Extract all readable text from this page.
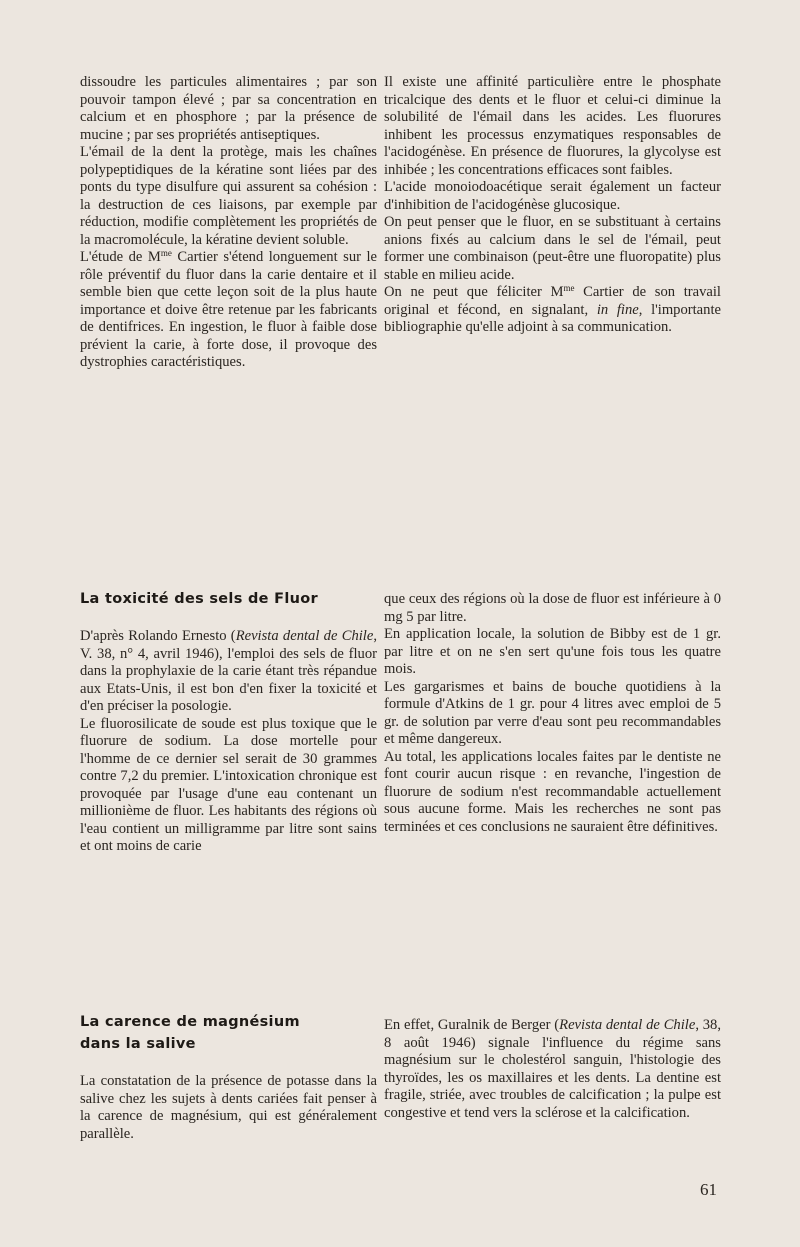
dissoudre les particules alimentaires ; par son pouvoir tampon élevé ; par sa concentration en calcium et en phosphore ; par la présence de mucine ; par ses propriétés antiseptiques.

L'émail de la dent la protège, mais les chaînes polypeptidiques de la kératine sont liées par des ponts du type disulfure qui assurent sa cohésion : la destruction de ces liaisons, par exemple par réduction, modifie complètement les propriétés de la macromolécule, la kératine devient soluble.

L'étude de $M^{me}$ Cartier s'étend longuement sur le rôle préventif du fluor dans la carie dentaire et il semble bien que cette leçon soit de la plus haute importance et doive être retenue par les fabricants de dentifrices. En ingestion, le fluor à faible dose prévient la carie, à forte dose, il provoque des dystrophies caractéristiques.

Il existe une affinité particulière entre le phosphate tricalcique des dents et le fluor et celui-ci diminue la solubilité de l'émail dans les acides. Les fluorures inhibent les processus enzymatiques responsables de l'acidogénèse. En présence de fluorures, la glycolyse est inhibée ; les concentrations efficaces sont faibles.

L'acide monoiodoacétique serait également un facteur d'inhibition de l'acidogénèse glucosique.

On peut penser que le fluor, en se substituant à certains anions fixés au calcium dans le sel de l'émail, peut former une combinaison (peut-être une fluoropatite) plus stable en milieu acide.

On ne peut que féliciter $M^{me}$ Cartier de son travail original et fécond, en signalant, in fine, l'importante bibliographie qu'elle adjoint à sa communication.

La toxicité des sels de Fluor

D'après Rolando Ernesto (Revista dental de Chile, V. 38, n° 4, avril 1946), l'emploi des sels de fluor dans la prophylaxie de la carie étant très répandue aux Etats-Unis, il est bon d'en fixer la toxicité et d'en préciser la posologie.

Le fluorosilicate de soude est plus toxique que le fluorure de sodium. La dose mortelle pour l'homme de ce dernier sel serait de 30 grammes contre 7,2 du premier. L'intoxication chronique est provoquée par l'usage d'une eau contenant un millionième de fluor. Les habitants des régions où l'eau contient un milligramme par litre sont sains et ont moins de carie

que ceux des régions où la dose de fluor est inférieure à 0 mg 5 par litre.

En application locale, la solution de Bibby est de 1 gr. par litre et on ne s'en sert qu'une fois tous les quatre mois.

Les gargarismes et bains de bouche quotidiens à la formule d'Atkins de 1 gr. pour 4 litres avec emploi de 5 gr. de solution par verre d'eau sont peu recommandables et même dangereux.

Au total, les applications locales faites par le dentiste ne font courir aucun risque : en revanche, l'ingestion de fluorure de sodium n'est recommandable actuellement sous aucune forme. Mais les recherches ne sont pas terminées et ces conclusions ne sauraient être définitives.

La carence de magnésium
dans la salive

La constatation de la présence de potasse dans la salive chez les sujets à dents cariées fait penser à la carence de magnésium, qui est généralement parallèle.

En effet, Guralnik de Berger (Revista dental de Chile, 38, 8 août 1946) signale l'influence du régime sans magnésium sur le cholestérol sanguin, l'histologie des thyroïdes, les os maxillaires et les dents. La dentine est fragile, striée, avec troubles de calcification ; la pulpe est congestive et tend vers la sclérose et la calcification.

61
